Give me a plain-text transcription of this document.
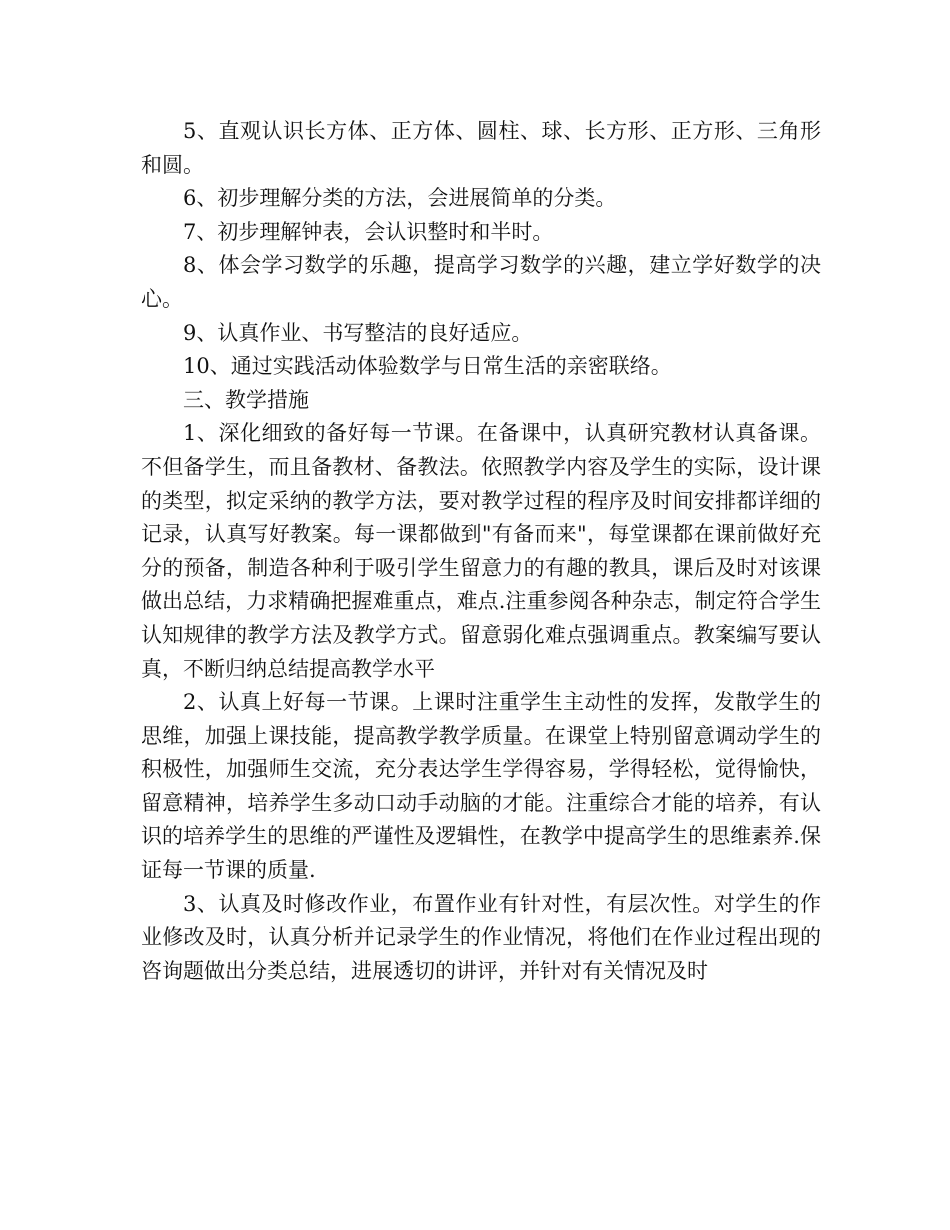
5、直观认识长方体、正方体、圆柱、球、长方形、正方形、三角形和圆。

6、初步理解分类的方法，会进展简单的分类。

7、初步理解钟表，会认识整时和半时。

8、体会学习数学的乐趣，提高学习数学的兴趣，建立学好数学的决心。

9、认真作业、书写整洁的良好适应。

10、通过实践活动体验数学与日常生活的亲密联络。

三、教学措施

1、深化细致的备好每一节课。在备课中，认真研究教材认真备课。不但备学生，而且备教材、备教法。依照教学内容及学生的实际，设计课的类型，拟定采纳的教学方法，要对教学过程的程序及时间安排都详细的记录，认真写好教案。每一课都做到"有备而来"，每堂课都在课前做好充分的预备，制造各种利于吸引学生留意力的有趣的教具，课后及时对该课做出总结，力求精确把握难重点，难点.注重参阅各种杂志，制定符合学生认知规律的教学方法及教学方式。留意弱化难点强调重点。教案编写要认真，不断归纳总结提高教学水平

2、认真上好每一节课。上课时注重学生主动性的发挥，发散学生的思维，加强上课技能，提高教学教学质量。在课堂上特别留意调动学生的积极性，加强师生交流，充分表达学生学得容易，学得轻松，觉得愉快，留意精神，培养学生多动口动手动脑的才能。注重综合才能的培养，有认识的培养学生的思维的严谨性及逻辑性，在教学中提高学生的思维素养.保证每一节课的质量.

3、认真及时修改作业，布置作业有针对性，有层次性。对学生的作业修改及时，认真分析并记录学生的作业情况，将他们在作业过程出现的咨询题做出分类总结，进展透切的讲评，并针对有关情况及时
